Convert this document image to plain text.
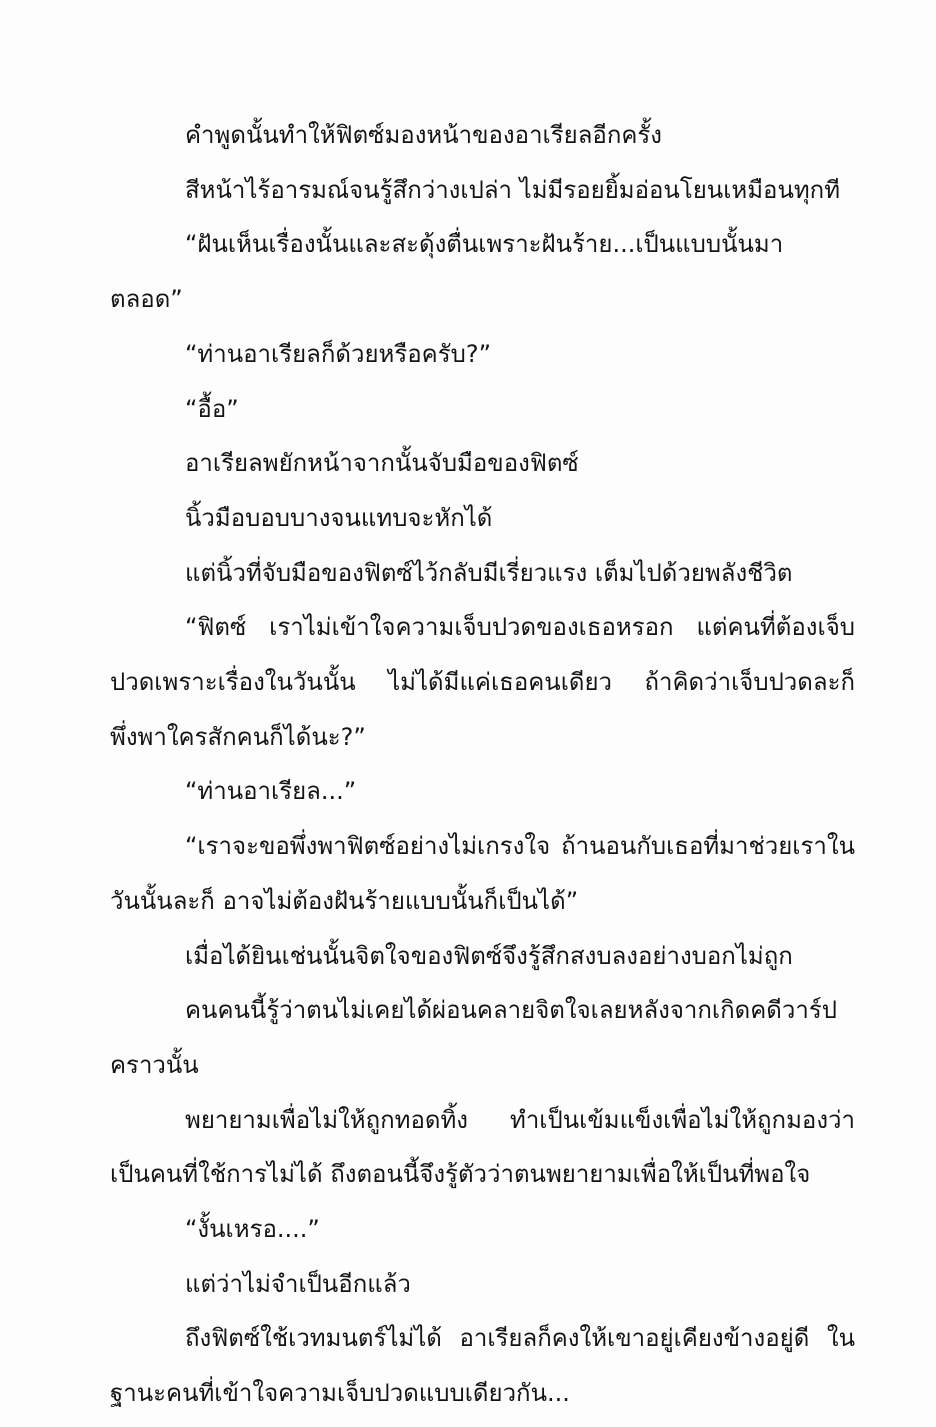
คำพูดนั้นทำให้ฟิตซ์มองหน้าของอาเรียลอีกครั้ง

สีหน้าไร้อารมณ์จนรู้สึกว่างเปล่า ไม่มีรอยยิ้มอ่อนโยนเหมือนทุกที

“ฝันเห็นเรื่องนั้นและสะดุ้งตื่นเพราะฝันร้าย...เป็นแบบนั้นมาตลอด”

“ท่านอาเรียลก็ด้วยหรือครับ?”

“อื้อ”

อาเรียลพยักหน้าจากนั้นจับมือของฟิตซ์

นิ้วมือบอบบางจนแทบจะหักได้

แต่นิ้วที่จับมือของฟิตซ์ไว้กลับมีเรี่ยวแรง เต็มไปด้วยพลังชีวิต

“ฟิตซ์ เราไม่เข้าใจความเจ็บปวดของเธอหรอก แต่คนที่ต้องเจ็บปวดเพราะเรื่องในวันนั้น ไม่ได้มีแค่เธอคนเดียว ถ้าคิดว่าเจ็บปวดละก็พึ่งพาใครสักคนก็ได้นะ?”

“ท่านอาเรียล...”

“เราจะขอพึ่งพาฟิตซ์อย่างไม่เกรงใจ ถ้านอนกับเธอที่มาช่วยเราในวันนั้นละก็ อาจไม่ต้องฝันร้ายแบบนั้นก็เป็นได้”

เมื่อได้ยินเช่นนั้นจิตใจของฟิตซ์จึงรู้สึกสงบลงอย่างบอกไม่ถูก

คนคนนี้รู้ว่าตนไม่เคยได้ผ่อนคลายจิตใจเลยหลังจากเกิดคดีวาร์ปคราวนั้น

พยายามเพื่อไม่ให้ถูกทอดทิ้ง ทำเป็นเข้มแข็งเพื่อไม่ให้ถูกมองว่าเป็นคนที่ใช้การไม่ได้ ถึงตอนนี้จึงรู้ตัวว่าตนพยายามเพื่อให้เป็นที่พอใจ

“งั้นเหรอ....”

แต่ว่าไม่จำเป็นอีกแล้ว

ถึงฟิตซ์ใช้เวทมนตร์ไม่ได้ อาเรียลก็คงให้เขาอยู่เคียงข้างอยู่ดี ในฐานะคนที่เข้าใจความเจ็บปวดแบบเดียวกัน...
